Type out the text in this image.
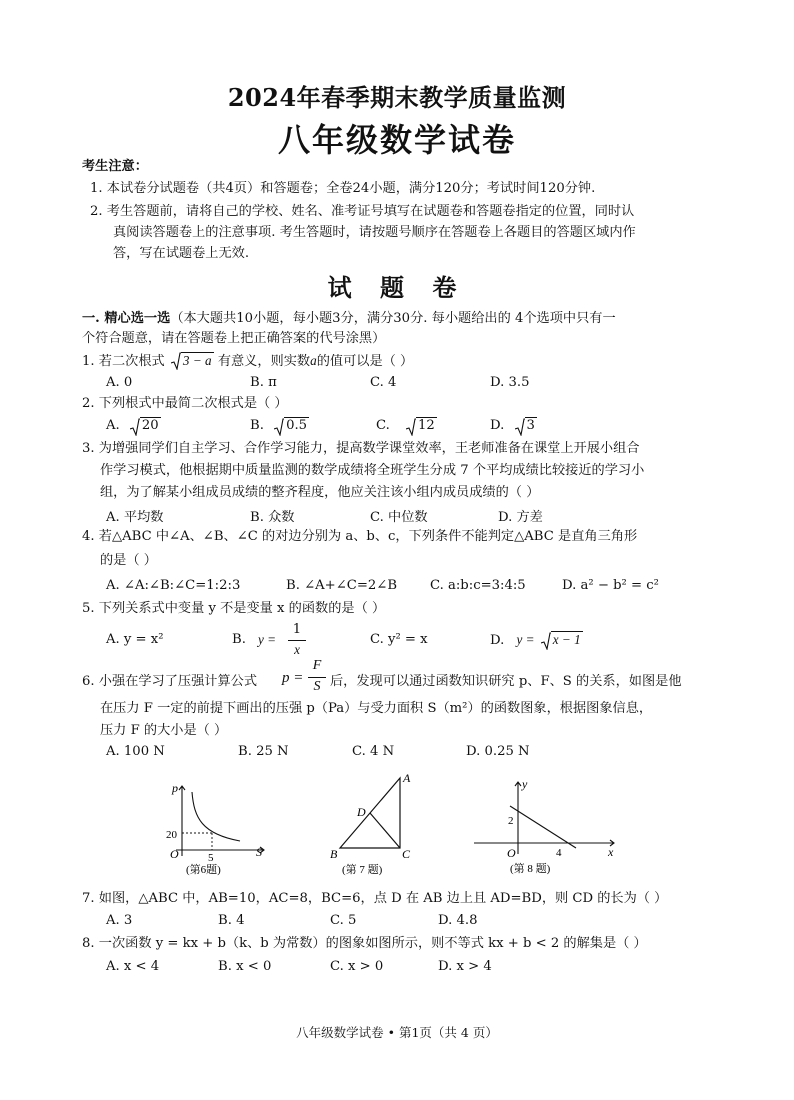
2024年春季期末教学质量监测
八年级数学试卷
考生注意：
1. 本试卷分试题卷（共4页）和答题卷；全卷24小题，满分120分；考试时间120分钟.
2. 考生答题前，请将自己的学校、姓名、准考证号填写在试题卷和答题卷指定的位置，同时认
真阅读答题卷上的注意事项. 考生答题时，请按题号顺序在答题卷上各题目的答题区域内作
答，写在试题卷上无效.
试 题 卷
一. 精心选一选（本大题共10小题，每小题3分，满分30分. 每小题给出的 4个选项中只有一
个符合题意，请在答题卷上把正确答案的代号涂黑）
1. 若二次根式 3 − a 有意义，则实数a的值可以是（ ）
A. 0	B. π	C. 4	D. 3.5
2. 下列根式中最简二次根式是（ ）
A. 20	B. 0.5	C. 12	D. 3
3. 为增强同学们自主学习、合作学习能力，提高数学课堂效率，王老师准备在课堂上开展小组合
作学习模式，他根据期中质量监测的数学成绩将全班学生分成 7 个平均成绩比较接近的学习小
组，为了解某小组成员成绩的整齐程度，他应关注该小组内成员成绩的（ ）
A. 平均数	B. 众数	C. 中位数	D. 方差
4. 若△ABC 中∠A、∠B、∠C 的对边分别为 a、b、c，下列条件不能判定△ABC 是直角三角形
的是（ ）
A. ∠A:∠B:∠C=1:2:3	B. ∠A+∠C=2∠B C. a:b:c=3:4:5	D. a² − b² = c²
5. 下列关系式中变量 y 不是变量 x 的函数的是（ ）
A. y = x²	B. y =
1
x
C. y² = x	D. y = x − 1
6. 小强在学习了压强计算公式 p =
F
S 后，发现可以通过函数知识研究 p、F、S 的关系，如图是他
在压力 F 一定的前提下画出的压强 p（Pa）与受力面积 S（m²）的函数图象，根据图象信息，
压力 F 的大小是（ ）
A. 100 N	B. 25 N	C. 4 N	D. 0.25 N
p
20
5
O	S
(第6题)
A
B	C
D
(第 7 题)
y
2
4
O	x
(第 8 题)
7. 如图，△ABC 中，AB=10，AC=8，BC=6，点 D 在 AB 边上且 AD=BD，则 CD 的长为（ ）
A. 3	B. 4	C. 5	D. 4.8
8. 一次函数 y = kx + b（k、b 为常数）的图象如图所示，则不等式 kx + b < 2 的解集是（ ）
A. x < 4	B. x < 0	C. x > 0	D. x > 4
八年级数学试卷 • 第1页（共 4 页）
